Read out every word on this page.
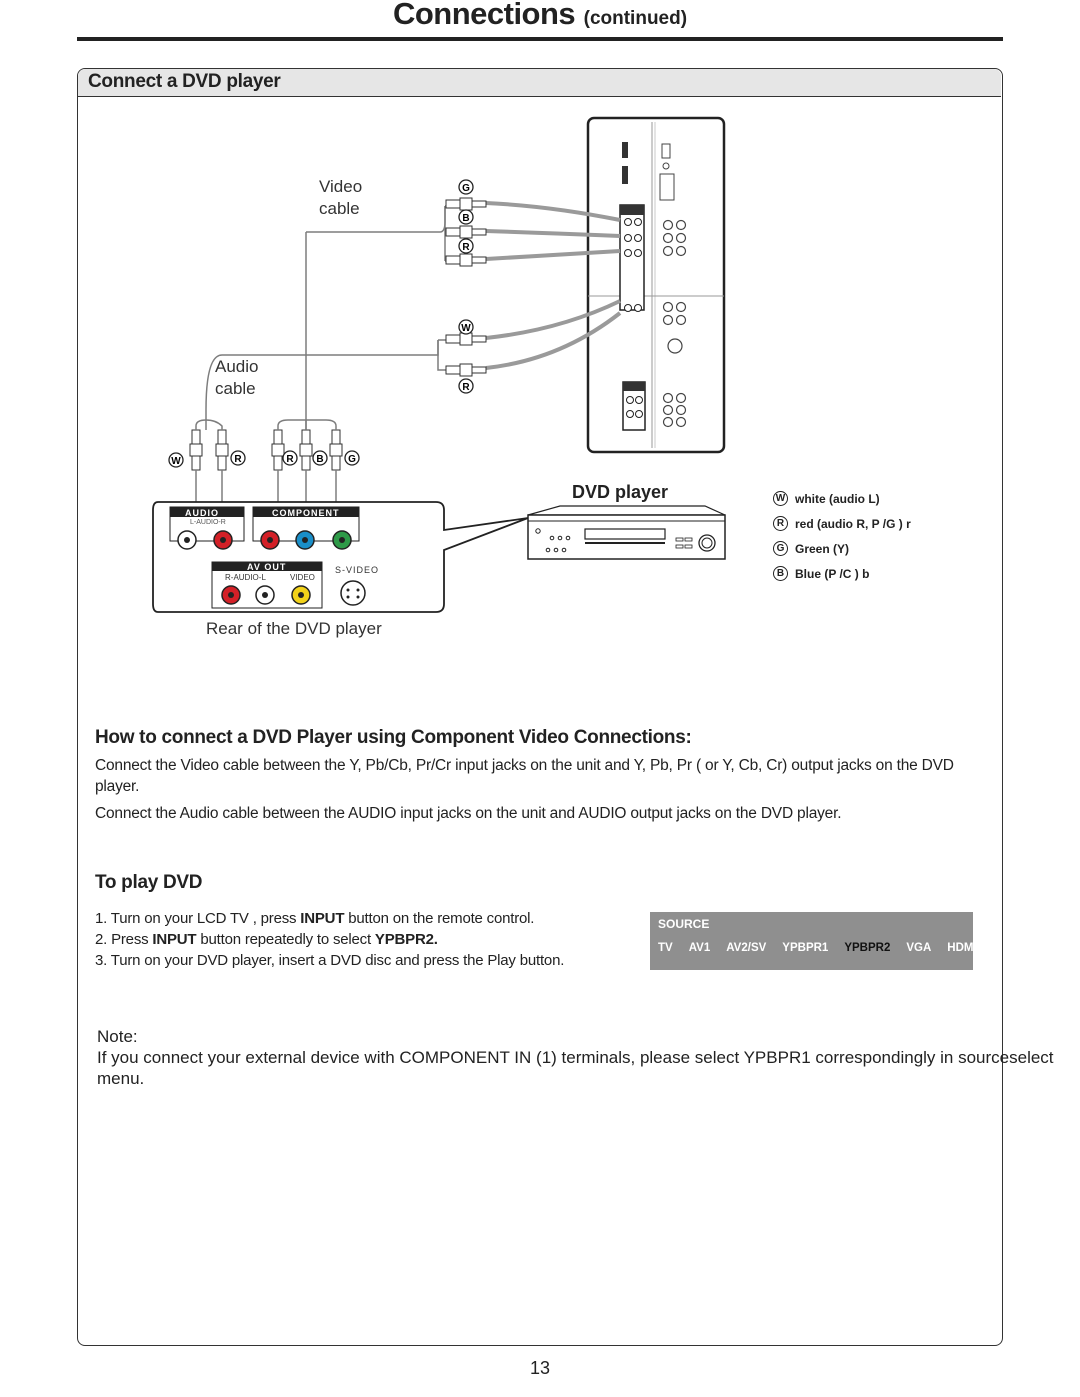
Connections (continued)
Connect a DVD player
G
B
R
W
R
W	R	R B G
Video
cable
Audio
cable
AUDIO
L-AUDIO-R
COMPONENT
AV OUT
R-AUDIO-L	VIDEO
S-VIDEO
Rear of the DVD player
DVD player	W white (audio L)
R red (audio R, P /G ) r
G Green (Y)
B Blue (P /C ) b
How to connect a DVD Player using Component Video Connections:
Connect the Video cable between the Y, Pb/Cb, Pr/Cr input jacks on the unit and Y, Pb, Pr ( or Y, Cb, Cr) output jacks on the DVD
player.
Connect the Audio cable between the AUDIO input jacks on the unit and AUDIO output jacks on the DVD player.
To play DVD
1. Turn on your LCD TV , press INPUT button on the remote control.
2. Press INPUT button repeatedly to select YPBPR2.
3. Turn on your DVD player, insert a DVD disc and press the Play button.
SOURCE
TV AV1 AV2/SV YPBPR1 YPBPR2 VGA HDMI
Note:
If you connect your external device with COMPONENT IN (1) terminals, please select YPBPR1 correspondingly in sourceselect
menu.
13
